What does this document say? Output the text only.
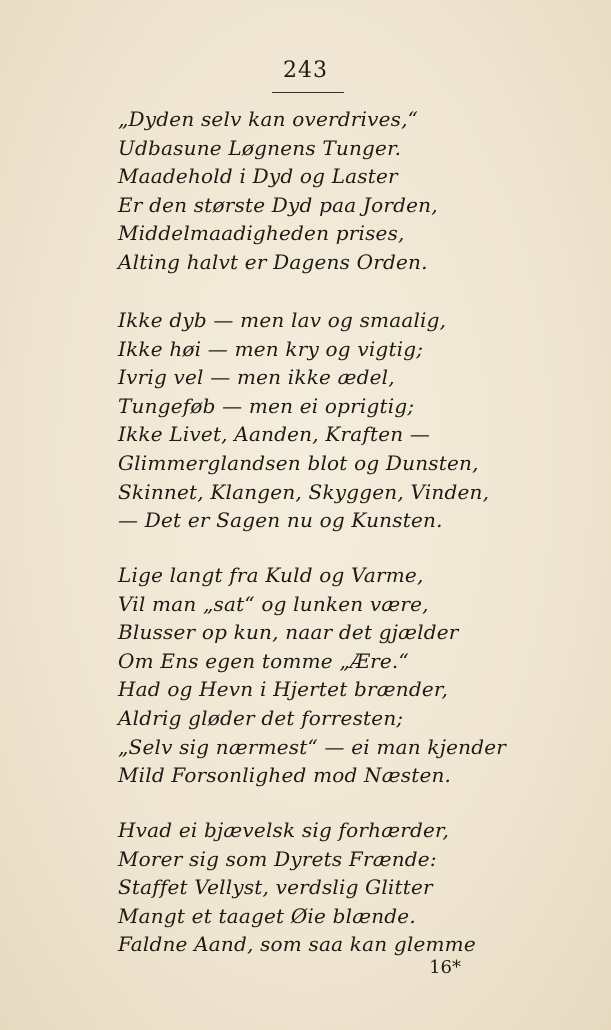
243
„Dyden selv kan overdrives,“
Udbasune Løgnens Tunger.
Maadehold i Dyd og Laster
Er den største Dyd paa Jorden,
Middelmaadigheden prises,
Alting halvt er Dagens Orden.
Ikke dyb — men lav og smaalig,
Ikke høi — men kry og vigtig;
Ivrig vel — men ikke ædel,
Tungeføb — men ei oprigtig;
Ikke Livet, Aanden, Kraften —
Glimmerglandsen blot og Dunsten,
Skinnet, Klangen, Skyggen, Vinden,
— Det er Sagen nu og Kunsten.
Lige langt fra Kuld og Varme,
Vil man „sat“ og lunken være,
Blusser op kun, naar det gjælder
Om Ens egen tomme „Ære.“
Had og Hevn i Hjertet brænder,
Aldrig gløder det forresten;
„Selv sig nærmest“ — ei man kjender
Mild Forsonlighed mod Næsten.
Hvad ei bjævelsk sig forhærder,
Morer sig som Dyrets Frænde:
Staffet Vellyst, verdslig Glitter
Mangt et taaget Øie blænde.
Faldne Aand, som saa kan glemme
16*
